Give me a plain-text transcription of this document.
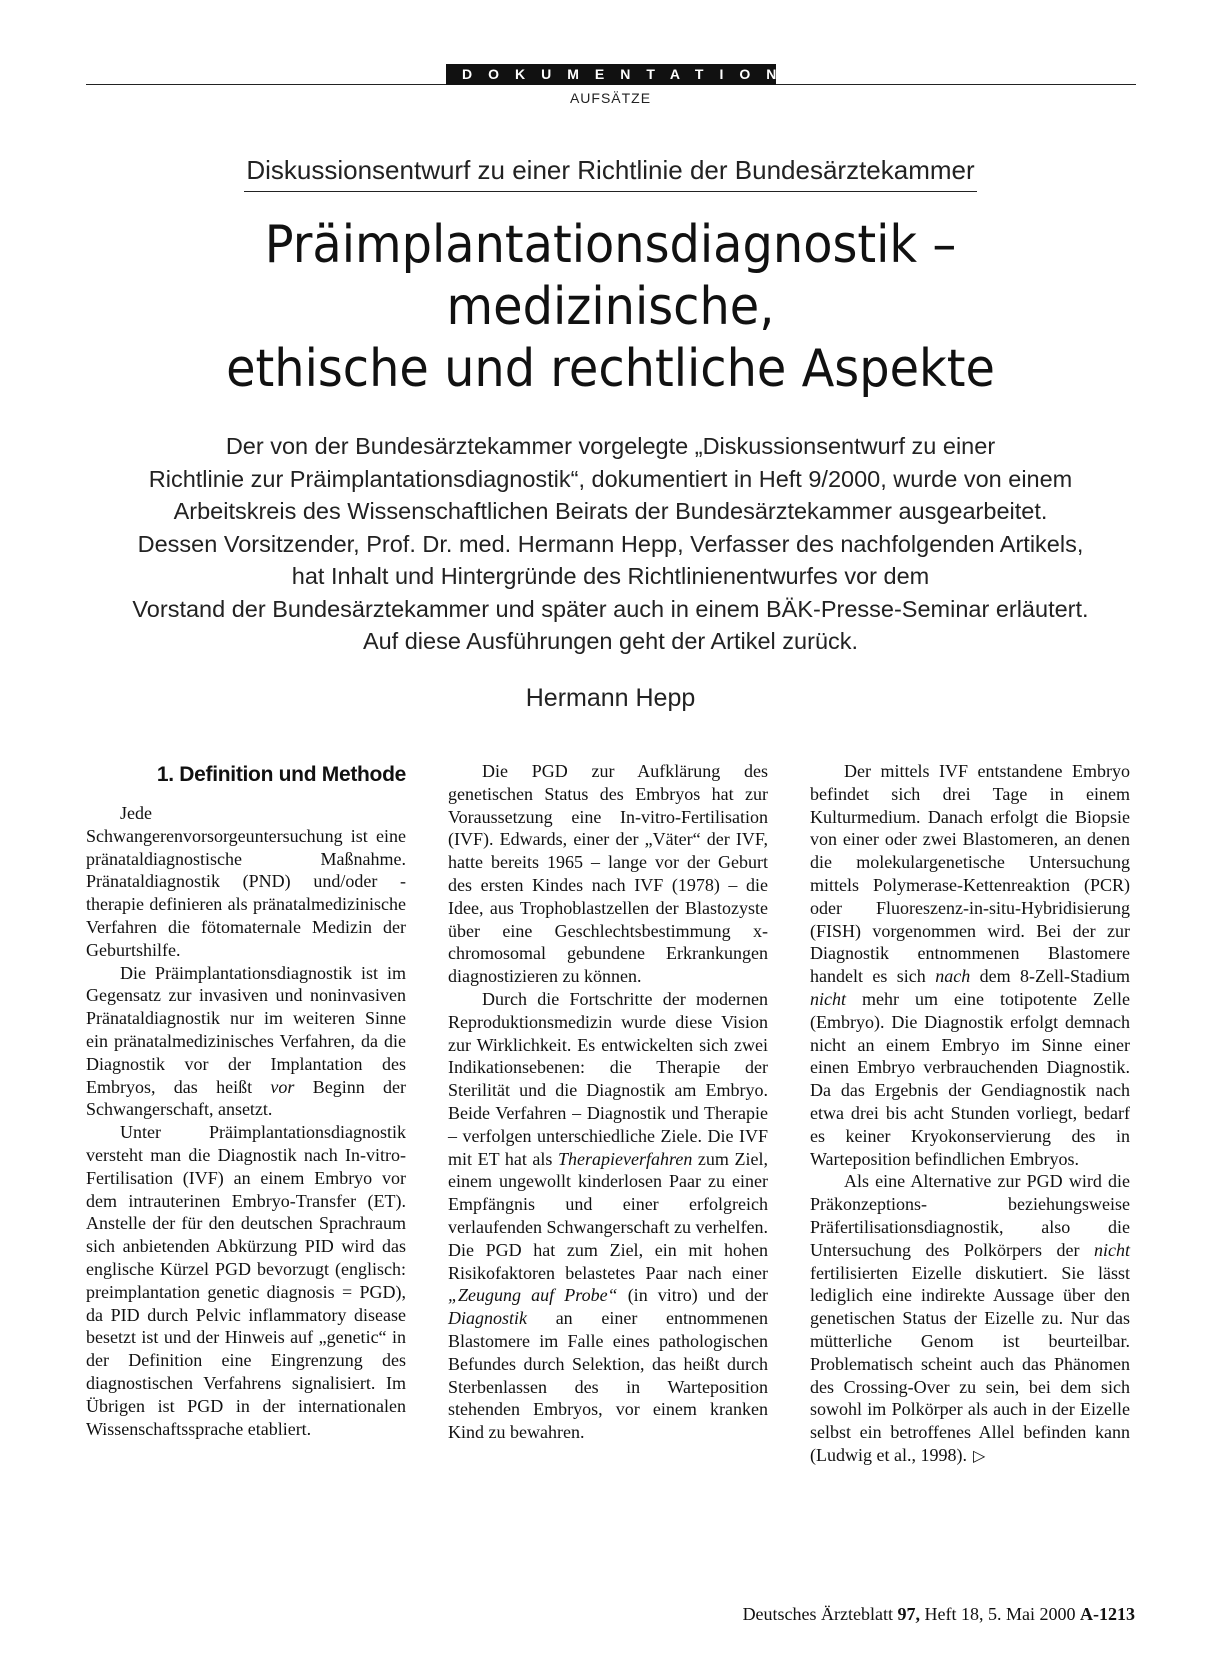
DOKUMENTATION
AUFSÄTZE
Diskussionsentwurf zu einer Richtlinie der Bundesärztekammer
Präimplantationsdiagnostik –
medizinische,
ethische und rechtliche Aspekte
Der von der Bundesärztekammer vorgelegte „Diskussionsentwurf zu einer
Richtlinie zur Präimplantationsdiagnostik“, dokumentiert in Heft 9/2000, wurde von einem
Arbeitskreis des Wissenschaftlichen Beirats der Bundesärztekammer ausgearbeitet.
Dessen Vorsitzender, Prof. Dr. med. Hermann Hepp, Verfasser des nachfolgenden Artikels,
hat Inhalt und Hintergründe des Richtlinienentwurfes vor dem
Vorstand der Bundesärztekammer und später auch in einem BÄK-Presse-Seminar erläutert.
Auf diese Ausführungen geht der Artikel zurück.
Hermann Hepp
1. Definition und Methode

Jede Schwangerenvorsorgeuntersuchung ist eine pränataldiagnostische Maßnahme. Pränataldiagnostik (PND) und/oder -therapie definieren als pränatalmedizinische Verfahren die fötomaternale Medizin der Geburtshilfe.

Die Präimplantationsdiagnostik ist im Gegensatz zur invasiven und noninvasiven Pränataldiagnostik nur im weiteren Sinne ein pränatalmedizinisches Verfahren, da die Diagnostik vor der Implantation des Embryos, das heißt vor Beginn der Schwangerschaft, ansetzt.

Unter Präimplantationsdiagnostik versteht man die Diagnostik nach In-vitro-Fertilisation (IVF) an einem Embryo vor dem intrauterinen Embryo-Transfer (ET). Anstelle der für den deutschen Sprachraum sich anbietenden Abkürzung PID wird das englische Kürzel PGD bevorzugt (englisch: preimplantation genetic diagnosis = PGD), da PID durch Pelvic inflammatory disease besetzt ist und der Hinweis auf „genetic“ in der Definition eine Eingrenzung des diagnostischen Verfahrens signalisiert. Im Übrigen ist PGD in der internationalen Wissenschaftssprache etabliert.

Die PGD zur Aufklärung des genetischen Status des Embryos hat zur Voraussetzung eine In-vitro-Fertilisation (IVF). Edwards, einer der „Väter“ der IVF, hatte bereits 1965 – lange vor der Geburt des ersten Kindes nach IVF (1978) – die Idee, aus Trophoblastzellen der Blastozyste über eine Geschlechtsbestimmung x-chromosomal gebundene Erkrankungen diagnostizieren zu können.

Durch die Fortschritte der modernen Reproduktionsmedizin wurde diese Vision zur Wirklichkeit. Es entwickelten sich zwei Indikationsebenen: die Therapie der Sterilität und die Diagnostik am Embryo. Beide Verfahren – Diagnostik und Therapie – verfolgen unterschiedliche Ziele. Die IVF mit ET hat als Therapieverfahren zum Ziel, einem ungewollt kinderlosen Paar zu einer Empfängnis und einer erfolgreich verlaufenden Schwangerschaft zu verhelfen. Die PGD hat zum Ziel, ein mit hohen Risikofaktoren belastetes Paar nach einer „Zeugung auf Probe“ (in vitro) und der Diagnostik an einer entnommenen Blastomere im Falle eines pathologischen Befundes durch Selektion, das heißt durch Sterbenlassen des in Warteposition stehenden Embryos, vor einem kranken Kind zu bewahren.

Der mittels IVF entstandene Embryo befindet sich drei Tage in einem Kulturmedium. Danach erfolgt die Biopsie von einer oder zwei Blastomeren, an denen die molekulargenetische Untersuchung mittels Polymerase-Kettenreaktion (PCR) oder Fluoreszenz-in-situ-Hybridisierung (FISH) vorgenommen wird. Bei der zur Diagnostik entnommenen Blastomere handelt es sich nach dem 8-Zell-Stadium nicht mehr um eine totipotente Zelle (Embryo). Die Diagnostik erfolgt demnach nicht an einem Embryo im Sinne einer einen Embryo verbrauchenden Diagnostik. Da das Ergebnis der Gendiagnostik nach etwa drei bis acht Stunden vorliegt, bedarf es keiner Kryokonservierung des in Warteposition befindlichen Embryos.

Als eine Alternative zur PGD wird die Präkonzeptions- beziehungsweise Präfertilisationsdiagnostik, also die Untersuchung des Polkörpers der nicht fertilisierten Eizelle diskutiert. Sie lässt lediglich eine indirekte Aussage über den genetischen Status der Eizelle zu. Nur das mütterliche Genom ist beurteilbar. Problematisch scheint auch das Phänomen des Crossing-Over zu sein, bei dem sich sowohl im Polkörper als auch in der Eizelle selbst ein betroffenes Allel befinden kann (Ludwig et al., 1998). ▷

Deutsches Ärzteblatt 97, Heft 18, 5. Mai 2000 A-1213
